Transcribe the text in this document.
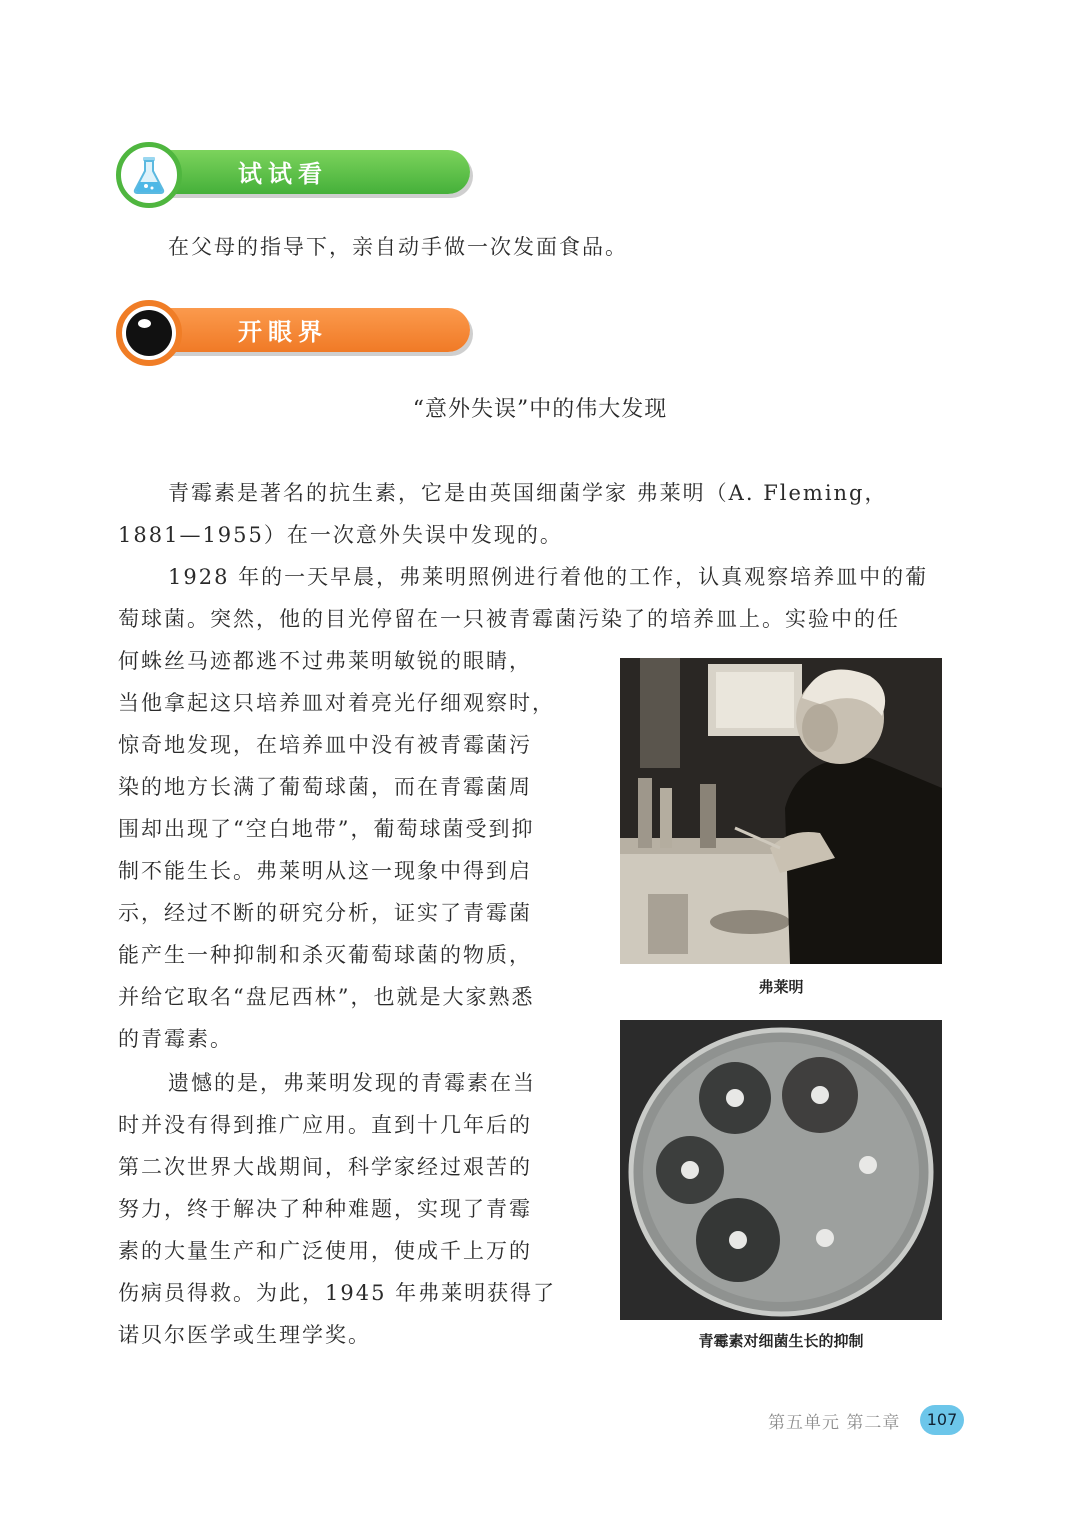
试试看
在父母的指导下，亲自动手做一次发面食品。
开眼界
“意外失误”中的伟大发现
青霉素是著名的抗生素，它是由英国细菌学家 弗莱明（A. Fleming，
1881—1955）在一次意外失误中发现的。
1928 年的一天早晨，弗莱明照例进行着他的工作，认真观察培养皿中的葡
萄球菌。突然，他的目光停留在一只被青霉菌污染了的培养皿上。实验中的任
何蛛丝马迹都逃不过弗莱明敏锐的眼睛，
当他拿起这只培养皿对着亮光仔细观察时，
惊奇地发现，在培养皿中没有被青霉菌污
染的地方长满了葡萄球菌，而在青霉菌周
围却出现了“空白地带”，葡萄球菌受到抑
制不能生长。弗莱明从这一现象中得到启
示，经过不断的研究分析，证实了青霉菌
能产生一种抑制和杀灭葡萄球菌的物质，
并给它取名“盘尼西林”，也就是大家熟悉
的青霉素。
遗憾的是，弗莱明发现的青霉素在当
时并没有得到推广应用。直到十几年后的
第二次世界大战期间，科学家经过艰苦的
努力，终于解决了种种难题，实现了青霉
素的大量生产和广泛使用，使成千上万的
伤病员得救。为此，1945 年弗莱明获得了
诺贝尔医学或生理学奖。
弗莱明
青霉素对细菌生长的抑制
第五单元 第二章	107
